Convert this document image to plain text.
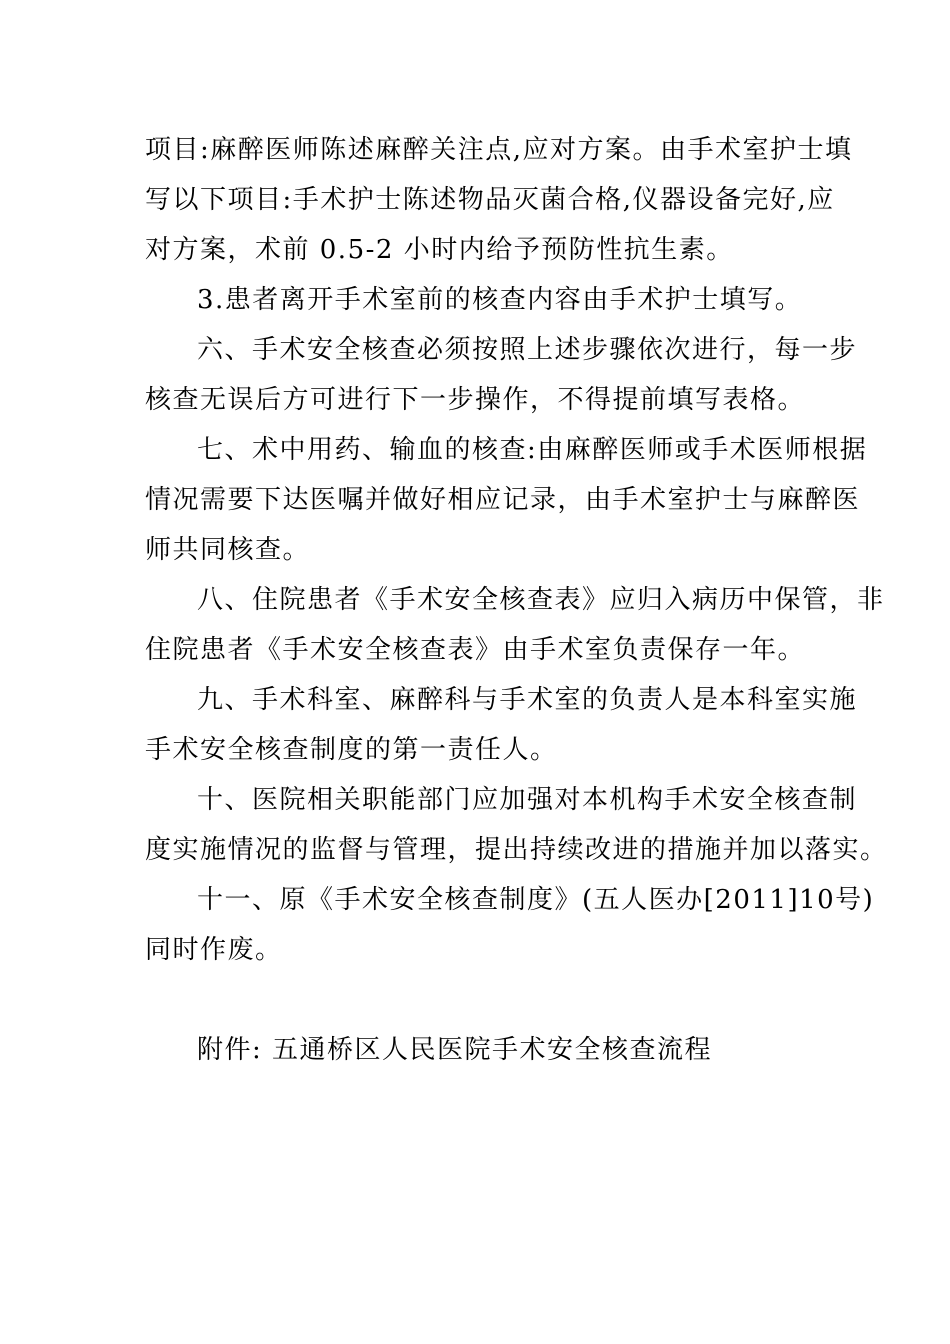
项目:麻醉医师陈述麻醉关注点,应对方案。由手术室护士填
写以下项目:手术护士陈述物品灭菌合格,仪器设备完好,应
对方案，术前 0.5-2 小时内给予预防性抗生素。
3.患者离开手术室前的核查内容由手术护士填写。
六、手术安全核查必须按照上述步骤依次进行，每一步
核查无误后方可进行下一步操作，不得提前填写表格。
七、术中用药、输血的核查:由麻醉医师或手术医师根据
情况需要下达医嘱并做好相应记录，由手术室护士与麻醉医
师共同核查。
八、住院患者《手术安全核查表》应归入病历中保管，非
住院患者《手术安全核查表》由手术室负责保存一年。
九、手术科室、麻醉科与手术室的负责人是本科室实施
手术安全核查制度的第一责任人。
十、医院相关职能部门应加强对本机构手术安全核查制
度实施情况的监督与管理，提出持续改进的措施并加以落实。
十一、原《手术安全核查制度》(五人医办[2011]10号)
同时作废。
附件: 五通桥区人民医院手术安全核查流程
